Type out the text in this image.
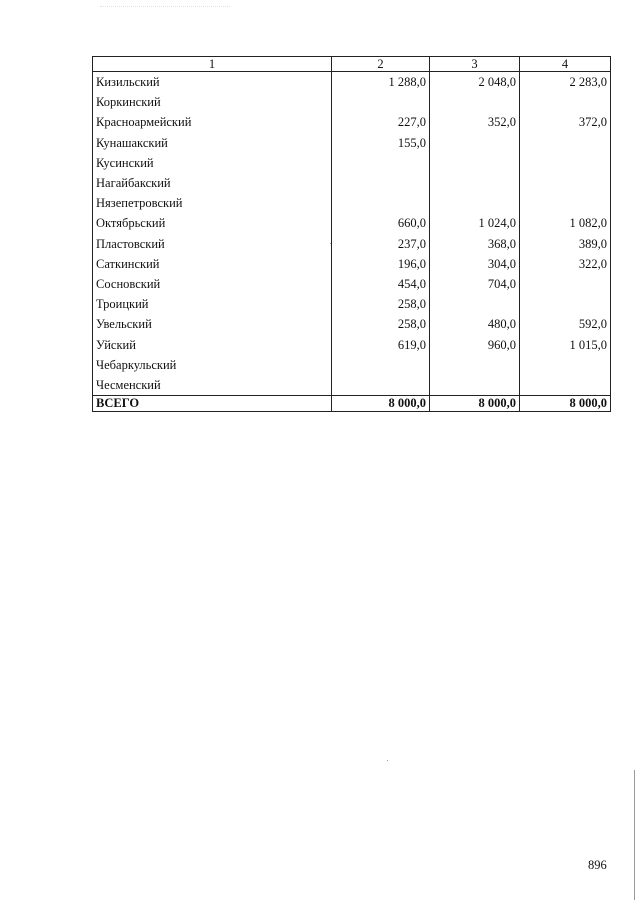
1	2	3	4
Кизильский	1 288,0	2 048,0	2 283,0
Коркинский			
Красноармейский	227,0	352,0	372,0
Кунашакский	155,0		
Кусинский			
Нагайбакский			
Нязепетровский			
Октябрьский	660,0	1 024,0	1 082,0
Пластовский	237,0	368,0	389,0
Саткинский	196,0	304,0	322,0
Сосновский	454,0	704,0	
Троицкий	258,0		
Увельский	258,0	480,0	592,0
Уйский	619,0	960,0	1 015,0
Чебаркульский			
Чесменский			
ВСЕГО	8 000,0	8 000,0	8 000,0
896
